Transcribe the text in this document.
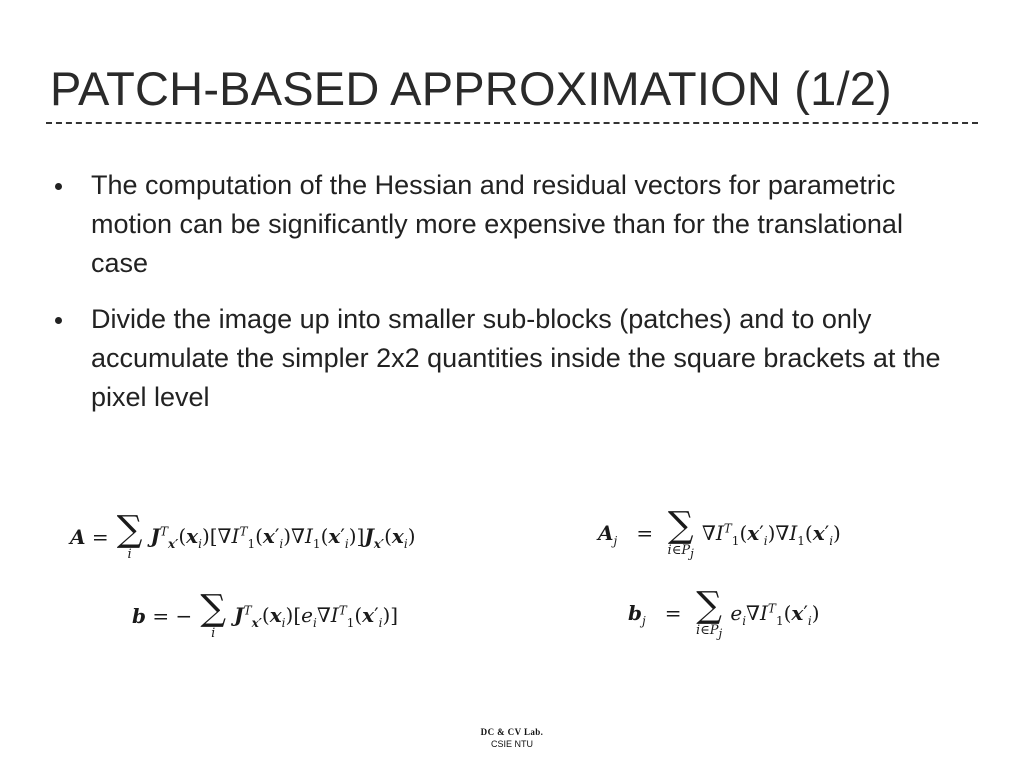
PATCH-BASED APPROXIMATION (1/2)
The computation of the Hessian and residual vectors for parametric motion can be significantly more expensive than for the translational case
Divide the image up into smaller sub-blocks (patches) and to only accumulate the simpler 2x2 quantities inside the square brackets at the pixel level
A = ∑
i
$J^T_{x'}(x_i)[\nabla I^T_1(x'_i)\nabla I_1(x'_i)]J_{x'}(x_i)$
b = − ∑
i
$J^T_{x'}(x_i)[e_i\nabla I^T_1(x'_i)]$
$A_j$   = ∑
$i\in P_j$
$\nabla I^T_1(x'_i)\nabla I_1(x'_i)$
$b_j$   = ∑
$i\in P_j$
$e_i\nabla I^T_1(x'_i)$
DC & CV Lab.
CSIE NTU
